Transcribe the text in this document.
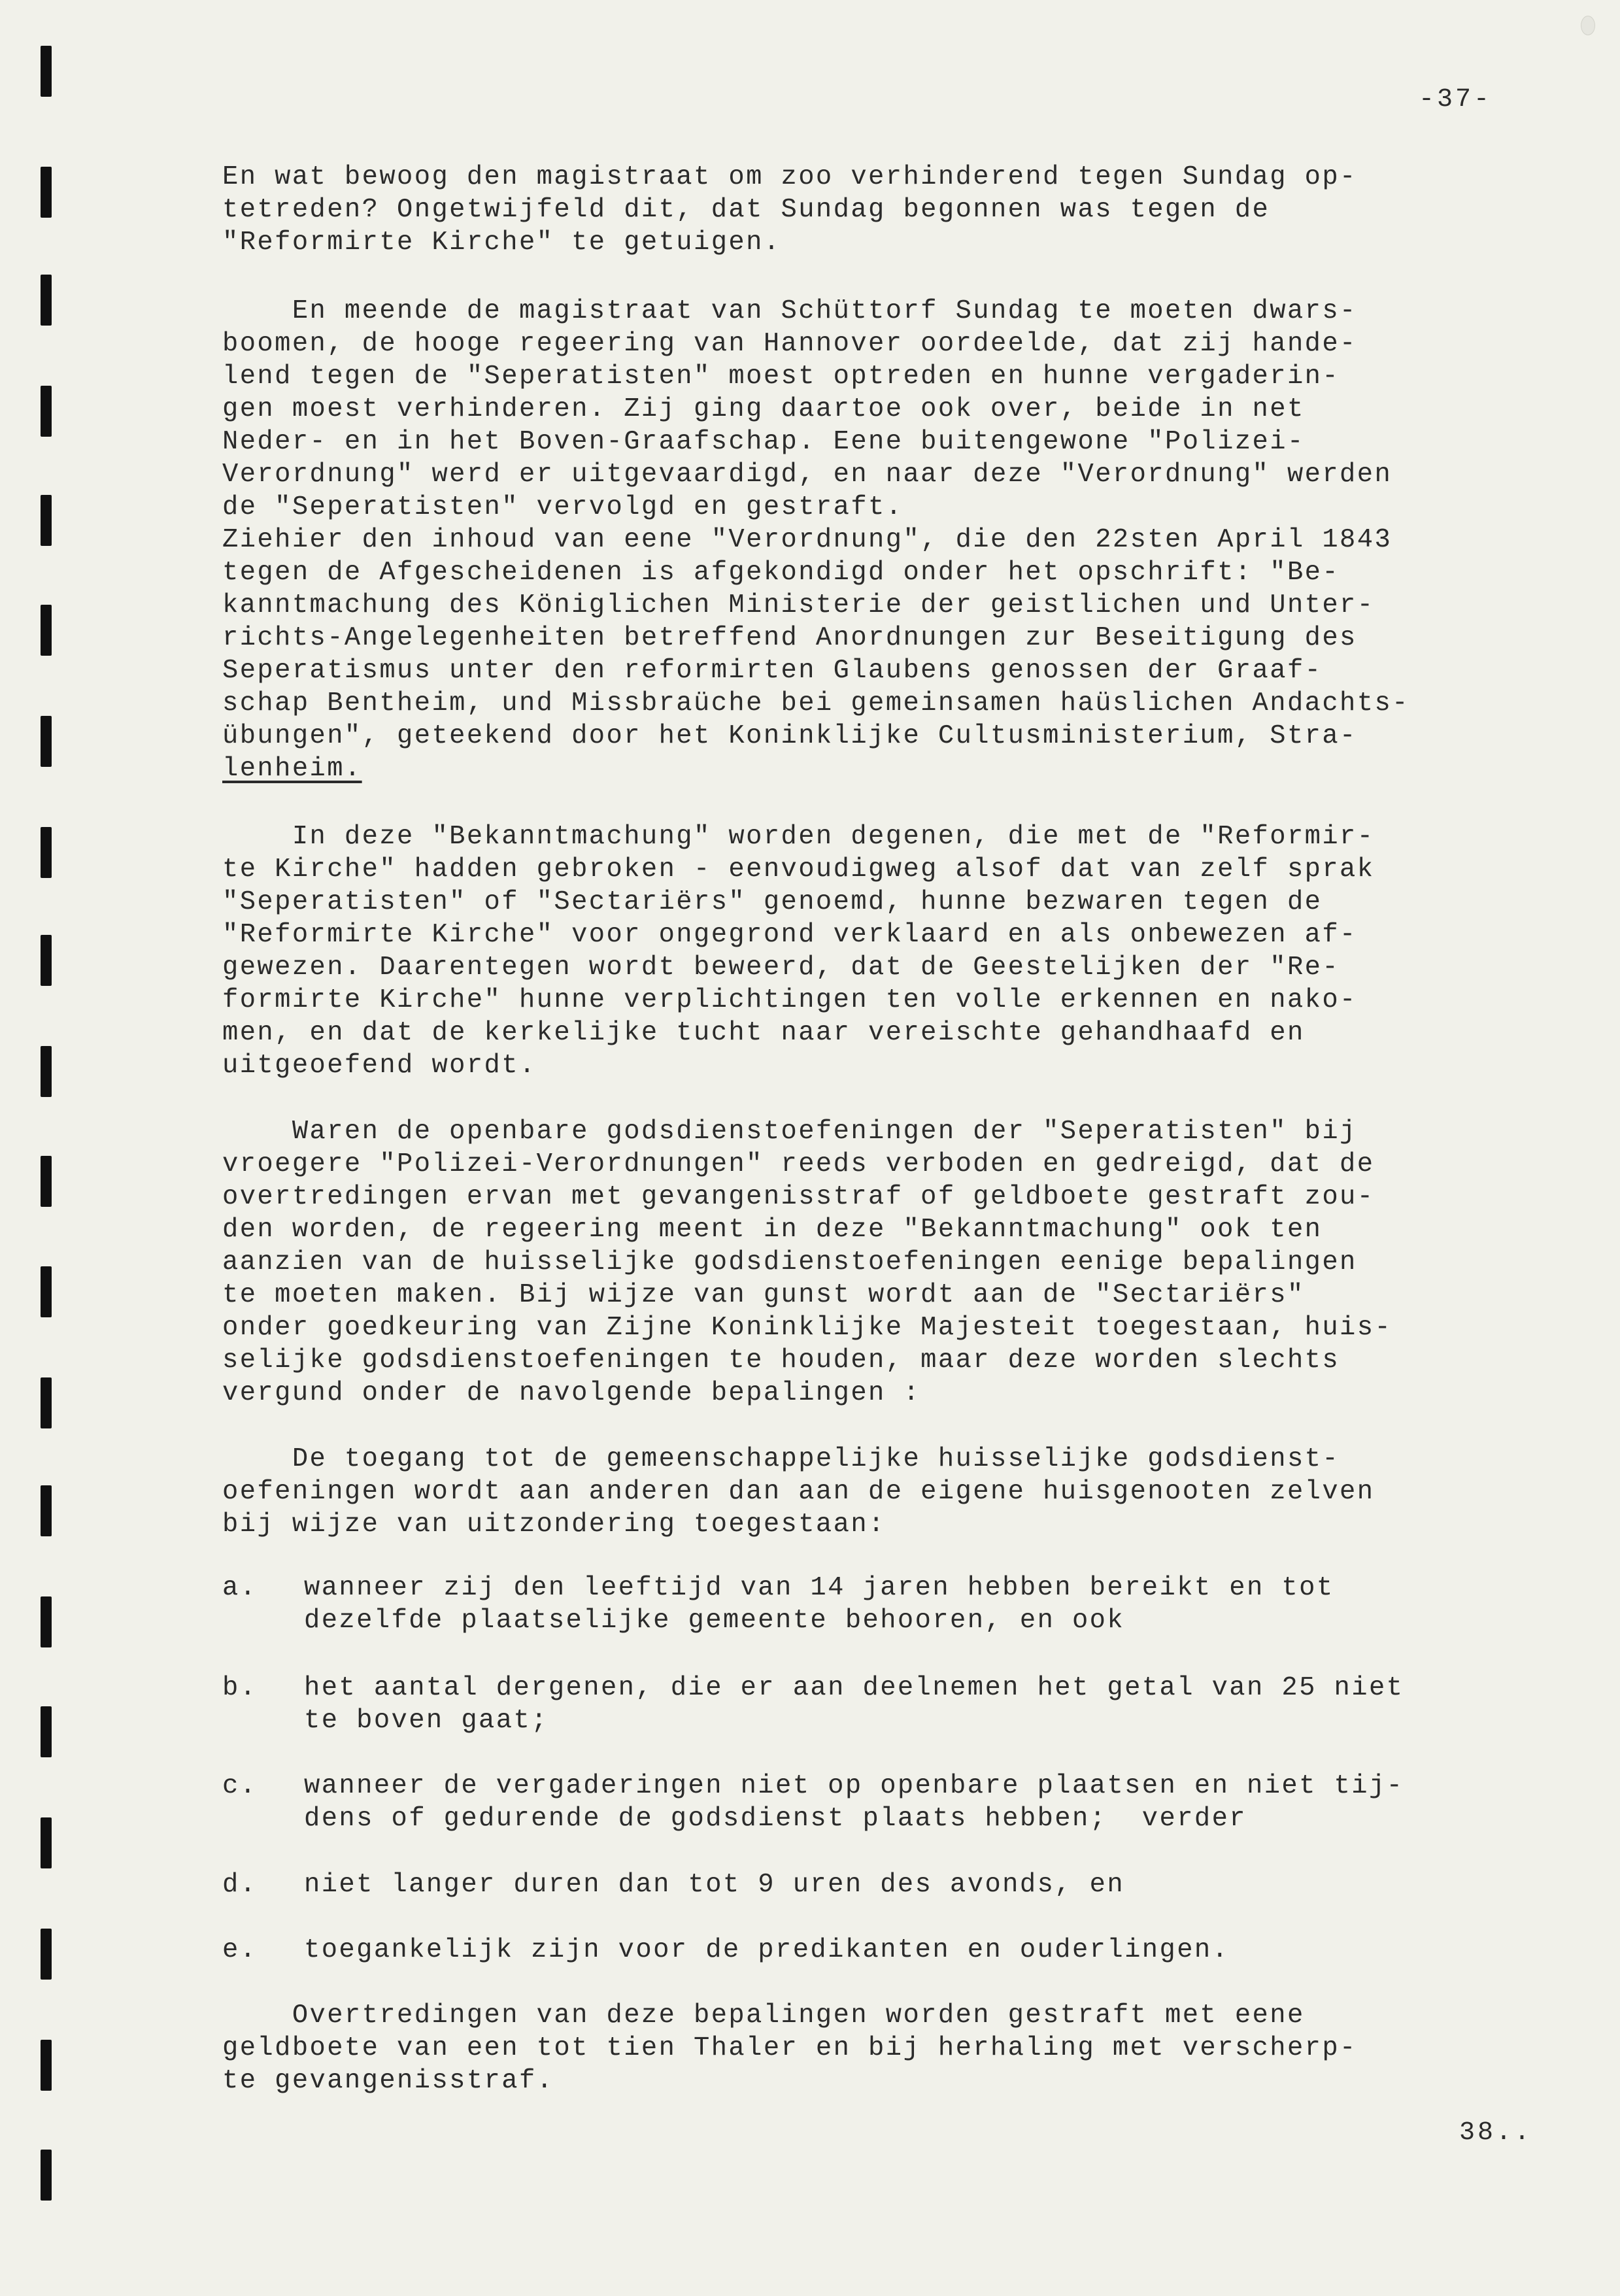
-37-
En wat bewoog den magistraat om zoo verhinderend tegen Sundag op-
tetreden? Ongetwijfeld dit, dat Sundag begonnen was tegen de
"Reformirte Kirche" te getuigen.
En meende de magistraat van Schüttorf Sundag te moeten dwars-
boomen, de hooge regeering van Hannover oordeelde, dat zij hande-
lend tegen de "Seperatisten" moest optreden en hunne vergaderin-
gen moest verhinderen. Zij ging daartoe ook over, beide in net
Neder- en in het Boven-Graafschap. Eene buitengewone "Polizei-
Verordnung" werd er uitgevaardigd, en naar deze "Verordnung" werden
de "Seperatisten" vervolgd en gestraft.
Ziehier den inhoud van eene "Verordnung", die den 22sten April 1843
tegen de Afgescheidenen is afgekondigd onder het opschrift: "Be-
kanntmachung des Königlichen Ministerie der geistlichen und Unter-
richts-Angelegenheiten betreffend Anordnungen zur Beseitigung des
Seperatismus unter den reformirten Glaubens genossen der Graaf-
schap Bentheim, und Missbraüche bei gemeinsamen haüslichen Andachts-
übungen", geteekend door het Koninklijke Cultusministerium, Stra-
lenheim.
In deze "Bekanntmachung" worden degenen, die met de "Reformir-
te Kirche" hadden gebroken - eenvoudigweg alsof dat van zelf sprak
"Seperatisten" of "Sectariërs" genoemd, hunne bezwaren tegen de
"Reformirte Kirche" voor ongegrond verklaard en als onbewezen af-
gewezen. Daarentegen wordt beweerd, dat de Geestelijken der "Re-
formirte Kirche" hunne verplichtingen ten volle erkennen en nako-
men, en dat de kerkelijke tucht naar vereischte gehandhaafd en
uitgeoefend wordt.
Waren de openbare godsdienstoefeningen der "Seperatisten" bij
vroegere "Polizei-Verordnungen" reeds verboden en gedreigd, dat de
overtredingen ervan met gevangenisstraf of geldboete gestraft zou-
den worden, de regeering meent in deze "Bekanntmachung" ook ten
aanzien van de huisselijke godsdienstoefeningen eenige bepalingen
te moeten maken. Bij wijze van gunst wordt aan de "Sectariërs"
onder goedkeuring van Zijne Koninklijke Majesteit toegestaan, huis-
selijke godsdienstoefeningen te houden, maar deze worden slechts
vergund onder de navolgende bepalingen :
De toegang tot de gemeenschappelijke huisselijke godsdienst-
oefeningen wordt aan anderen dan aan de eigene huisgenooten zelven
bij wijze van uitzondering toegestaan:
a. wanneer zij den leeftijd van 14 jaren hebben bereikt en tot
dezelfde plaatselijke gemeente behooren, en ook
b. het aantal dergenen, die er aan deelnemen het getal van 25 niet
te boven gaat;
c. wanneer de vergaderingen niet op openbare plaatsen en niet tij-
dens of gedurende de godsdienst plaats hebben;  verder
d. niet langer duren dan tot 9 uren des avonds, en
e. toegankelijk zijn voor de predikanten en ouderlingen.
Overtredingen van deze bepalingen worden gestraft met eene
geldboete van een tot tien Thaler en bij herhaling met verscherp-
te gevangenisstraf.
38..
